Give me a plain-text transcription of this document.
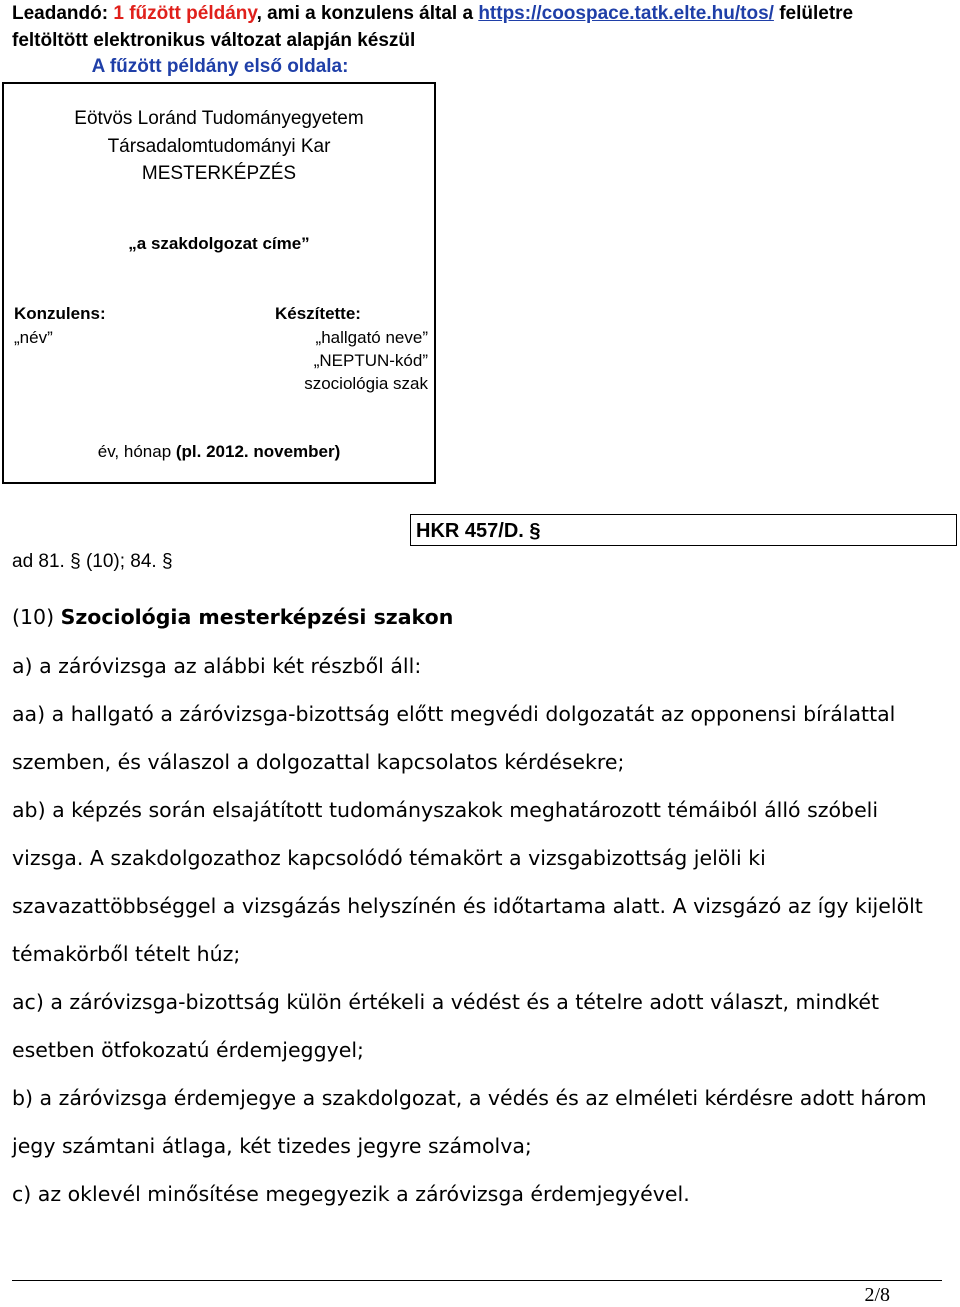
Leadandó: 1 fűzött példány, ami a konzulens által a https://coospace.tatk.elte.hu/tos/ felületre
feltöltött elektronikus változat alapján készül
A fűzött példány első oldala:
Eötvös Loránd Tudományegyetem
Társadalomtudományi Kar
MESTERKÉPZÉS
„a szakdolgozat címe”
Konzulens:
„név”
Készítette:
„hallgató neve”
„NEPTUN-kód”
szociológia szak
év, hónap (pl. 2012. november)
HKR 457/D. §
ad 81. § (10); 84. §
(10) Szociológia mesterképzési szakon
a) a záróvizsga az alábbi két részből áll:
aa) a hallgató a záróvizsga-bizottság előtt megvédi dolgozatát az opponensi bírálattal
szemben, és válaszol a dolgozattal kapcsolatos kérdésekre;
ab) a képzés során elsajátított tudományszakok meghatározott témáiból álló szóbeli
vizsga. A szakdolgozathoz kapcsolódó témakört a vizsgabizottság jelöli ki
szavazattöbbséggel a vizsgázás helyszínén és időtartama alatt. A vizsgázó az így kijelölt
témakörből tételt húz;
ac) a záróvizsga-bizottság külön értékeli a védést és a tételre adott választ, mindkét
esetben ötfokozatú érdemjeggyel;
b) a záróvizsga érdemjegye a szakdolgozat, a védés és az elméleti kérdésre adott három
jegy számtani átlaga, két tizedes jegyre számolva;
c) az oklevél minősítése megegyezik a záróvizsga érdemjegyével.
2/8
